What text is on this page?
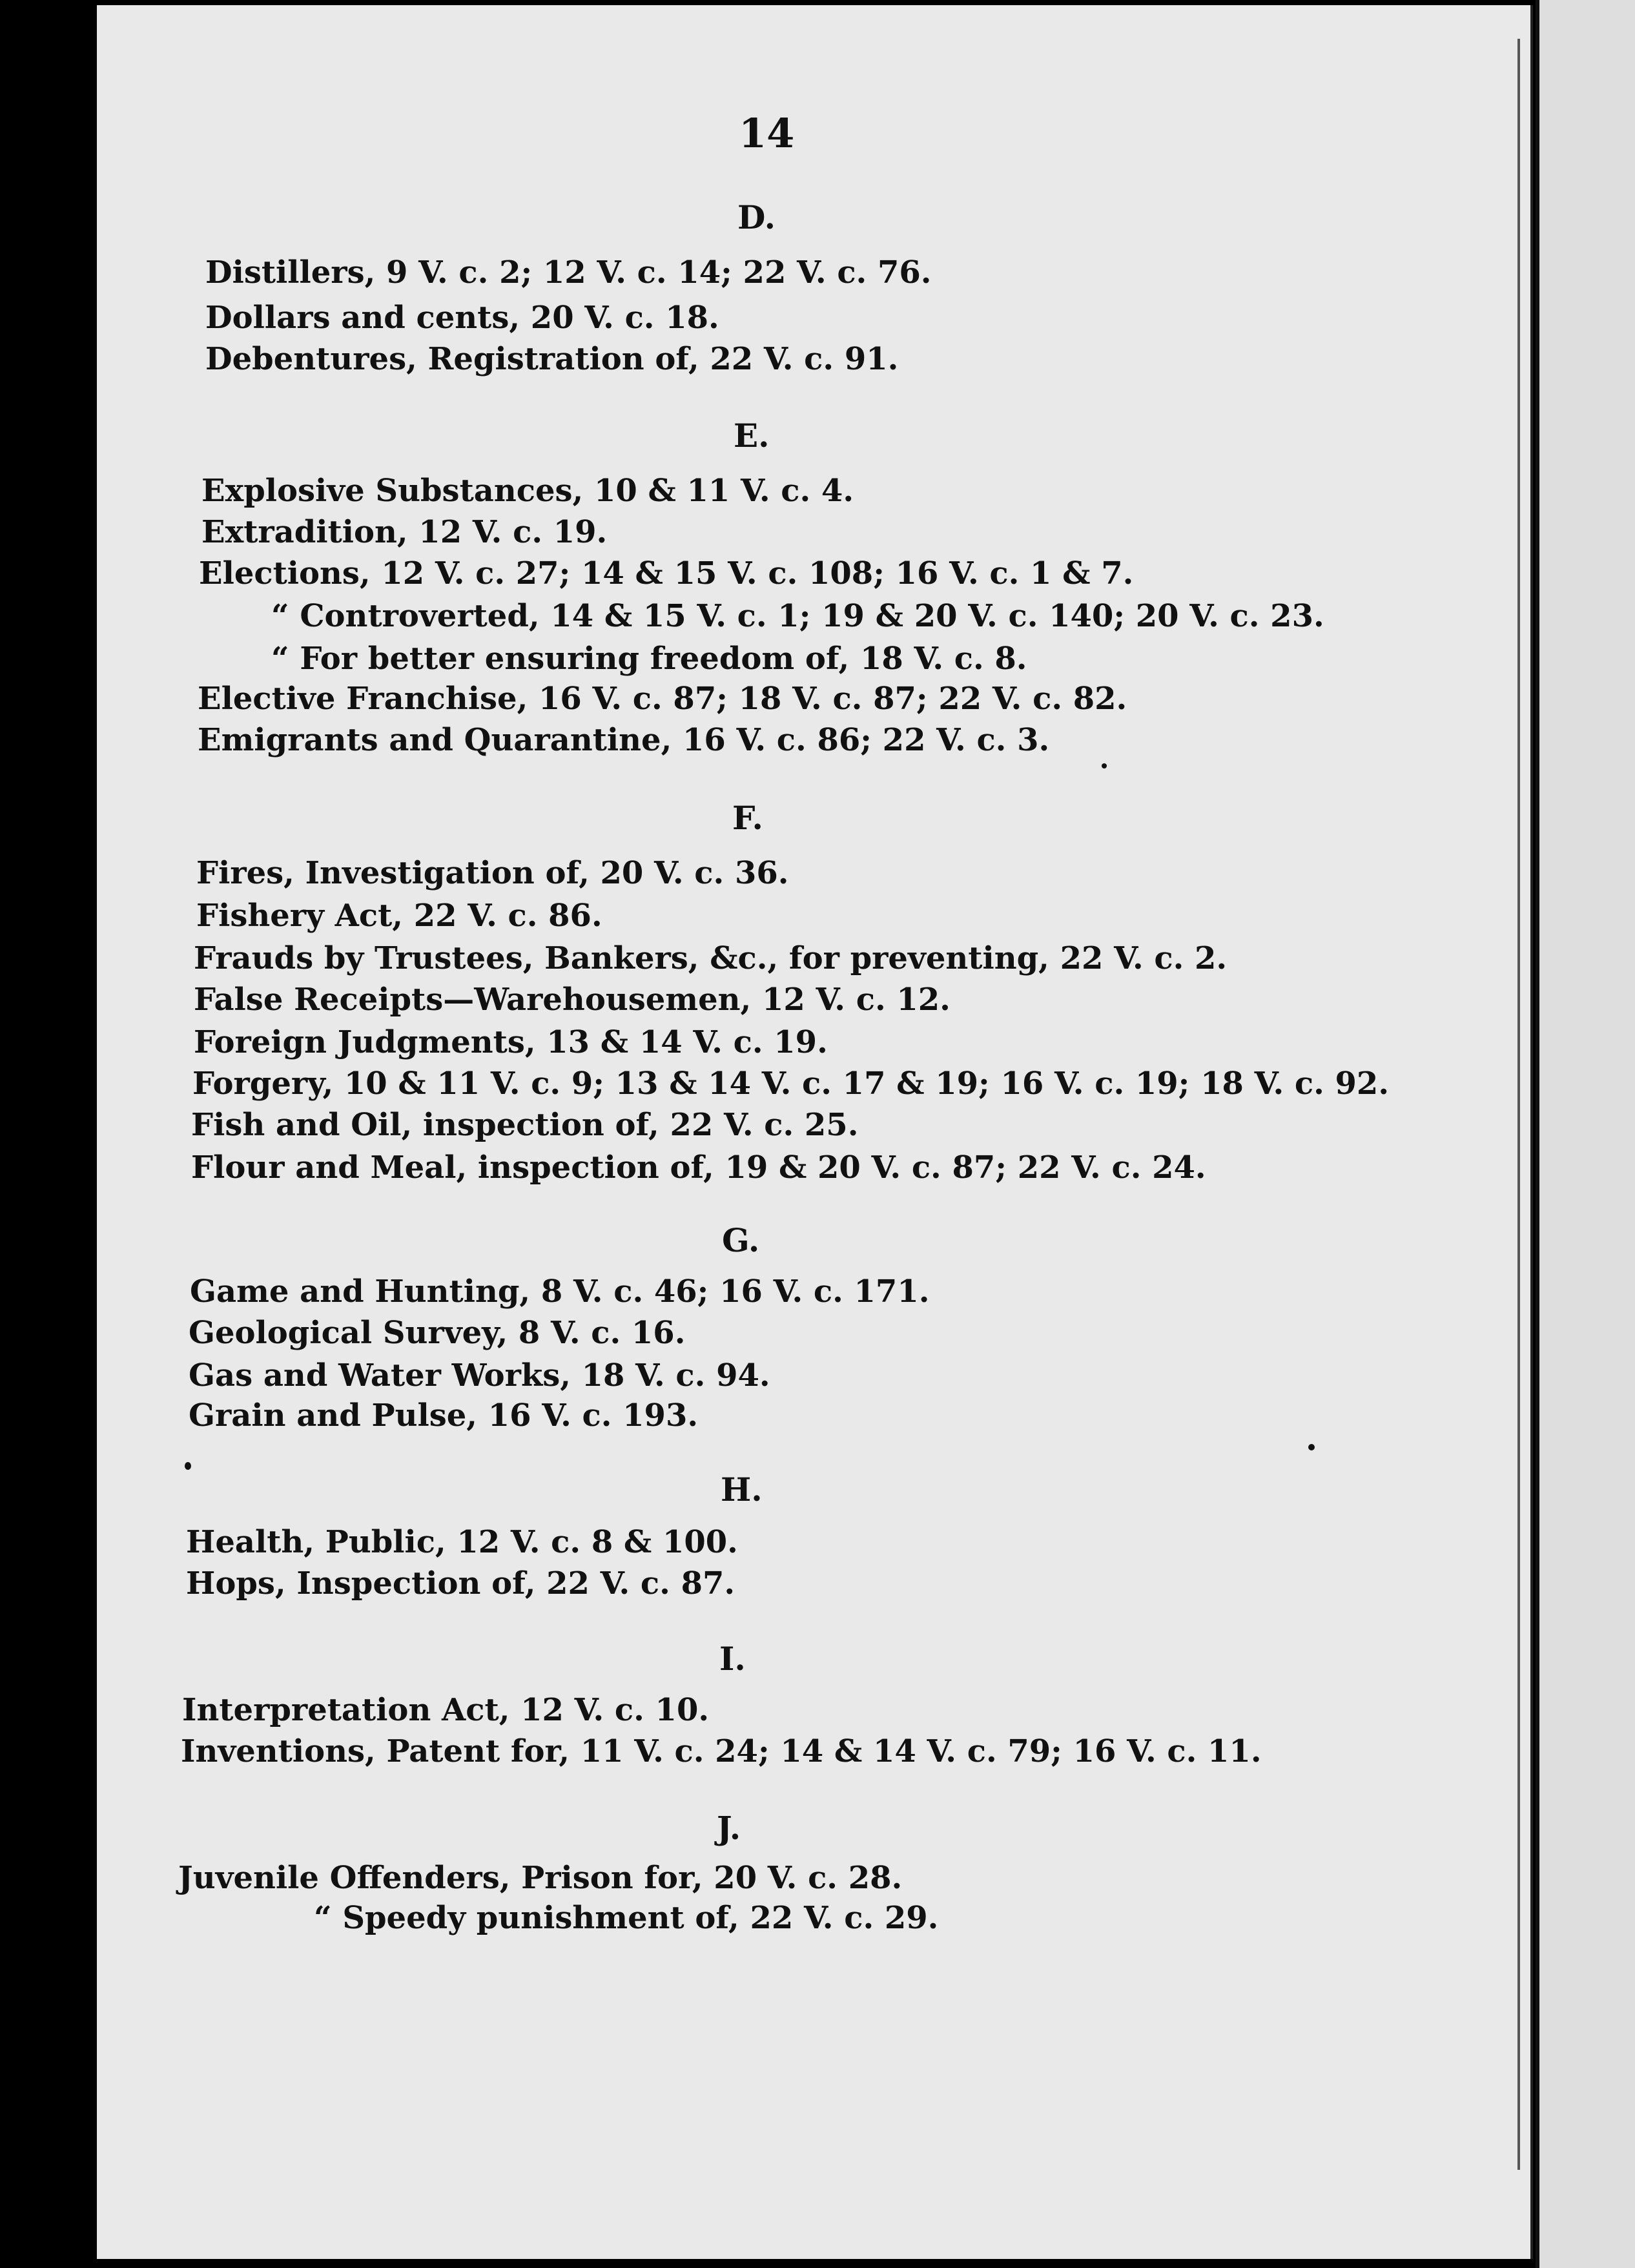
14
D.
Distillers, 9 V. c. 2; 12 V. c. 14; 22 V. c. 76.
Dollars and cents, 20 V. c. 18.
Debentures, Registration of, 22 V. c. 91.
E.
Explosive Substances, 10 & 11 V. c. 4.
Extradition, 12 V. c. 19.
Elections, 12 V. c. 27; 14 & 15 V. c. 108; 16 V. c. 1 & 7.
“ Controverted, 14 & 15 V. c. 1; 19 & 20 V. c. 140; 20 V. c. 23.
“ For better ensuring freedom of, 18 V. c. 8.
Elective Franchise, 16 V. c. 87; 18 V. c. 87; 22 V. c. 82.
Emigrants and Quarantine, 16 V. c. 86; 22 V. c. 3.
F.
Fires, Investigation of, 20 V. c. 36.
Fishery Act, 22 V. c. 86.
Frauds by Trustees, Bankers, &c., for preventing, 22 V. c. 2.
False Receipts—Warehousemen, 12 V. c. 12.
Foreign Judgments, 13 & 14 V. c. 19.
Forgery, 10 & 11 V. c. 9; 13 & 14 V. c. 17 & 19; 16 V. c. 19; 18 V. c. 92.
Fish and Oil, inspection of, 22 V. c. 25.
Flour and Meal, inspection of, 19 & 20 V. c. 87; 22 V. c. 24.
G.
Game and Hunting, 8 V. c. 46; 16 V. c. 171.
Geological Survey, 8 V. c. 16.
Gas and Water Works, 18 V. c. 94.
Grain and Pulse, 16 V. c. 193.
H.
Health, Public, 12 V. c. 8 & 100.
Hops, Inspection of, 22 V. c. 87.
I.
Interpretation Act, 12 V. c. 10.
Inventions, Patent for, 11 V. c. 24; 14 & 14 V. c. 79; 16 V. c. 11.
J.
Juvenile Offenders, Prison for, 20 V. c. 28.
“ Speedy punishment of, 22 V. c. 29.
